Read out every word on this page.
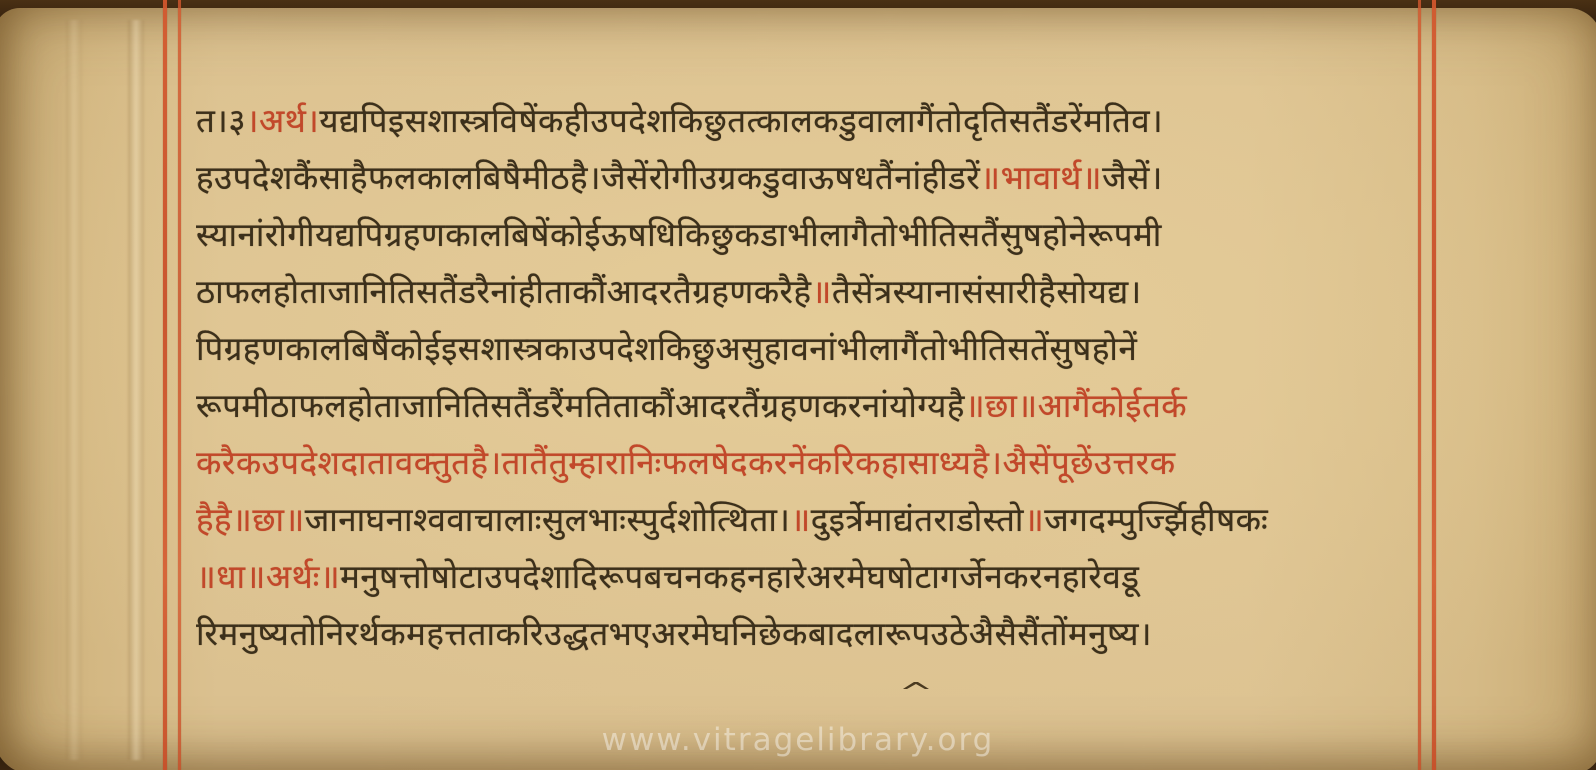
त।३।अर्थ।यद्यपिइसशास्त्रविषेंकहीउपदेशकिछुतत्कालकडुवालागैंतोदृतिसतैंडरेंमतिव।
हउपदेशकैंसाहैफलकालबिषैमीठहै।जैसेंरोगीउग्रकडुवाऊषधतैंनांहीडरें॥भावार्थ॥जैसें।
स्यानांरोगीयद्यपिग्रहणकालबिषेंकोईऊषधिकिछुकडाभीलागैतोभीतिसतैंसुषहोनेरूपमी
ठाफलहोताजानितिसतैंडरैनांहीताकौंआदरतैग्रहणकरैहै॥तैसेंत्रस्यानासंसारीहैसोयद्य।
पिग्रहणकालबिषैंकोईइसशास्त्रकाउपदेशकिछुअसुहावनांभीलागैंतोभीतिसतेंसुषहोनें
रूपमीठाफलहोताजानितिसतैंडरैंमतिताकौंआदरतैंग्रहणकरनांयोग्यहै॥छा॥आगैंकोईतर्क
करैकउपदेशदातावक्तुतहै।तातैंतुम्हारानिःफलषेदकरनेंकरिकहासाध्यहै।अैसेंपूछेंउत्तरक
हैहै॥छा॥जानाघनाश्ववाचालाःसुलभाःस्पुर्दशोत्थिता।॥दुइर्त्रेमाद्यंतराडोस्तो॥जगदम्पुर्ज्झिहीषकः
॥धा॥अर्थः॥मनुषत्तोषोटाउपदेशादिरूपबचनकहनहारेअरमेघषोटागर्जेनकरनहारेवडू
रिमनुष्यतोनिरर्थकमहत्तताकरिउद्धतभएअरमेघनिछेकबादलारूपउठेअैसैसैंतोंमनुष्य।
^
www.vitragelibrary.org
